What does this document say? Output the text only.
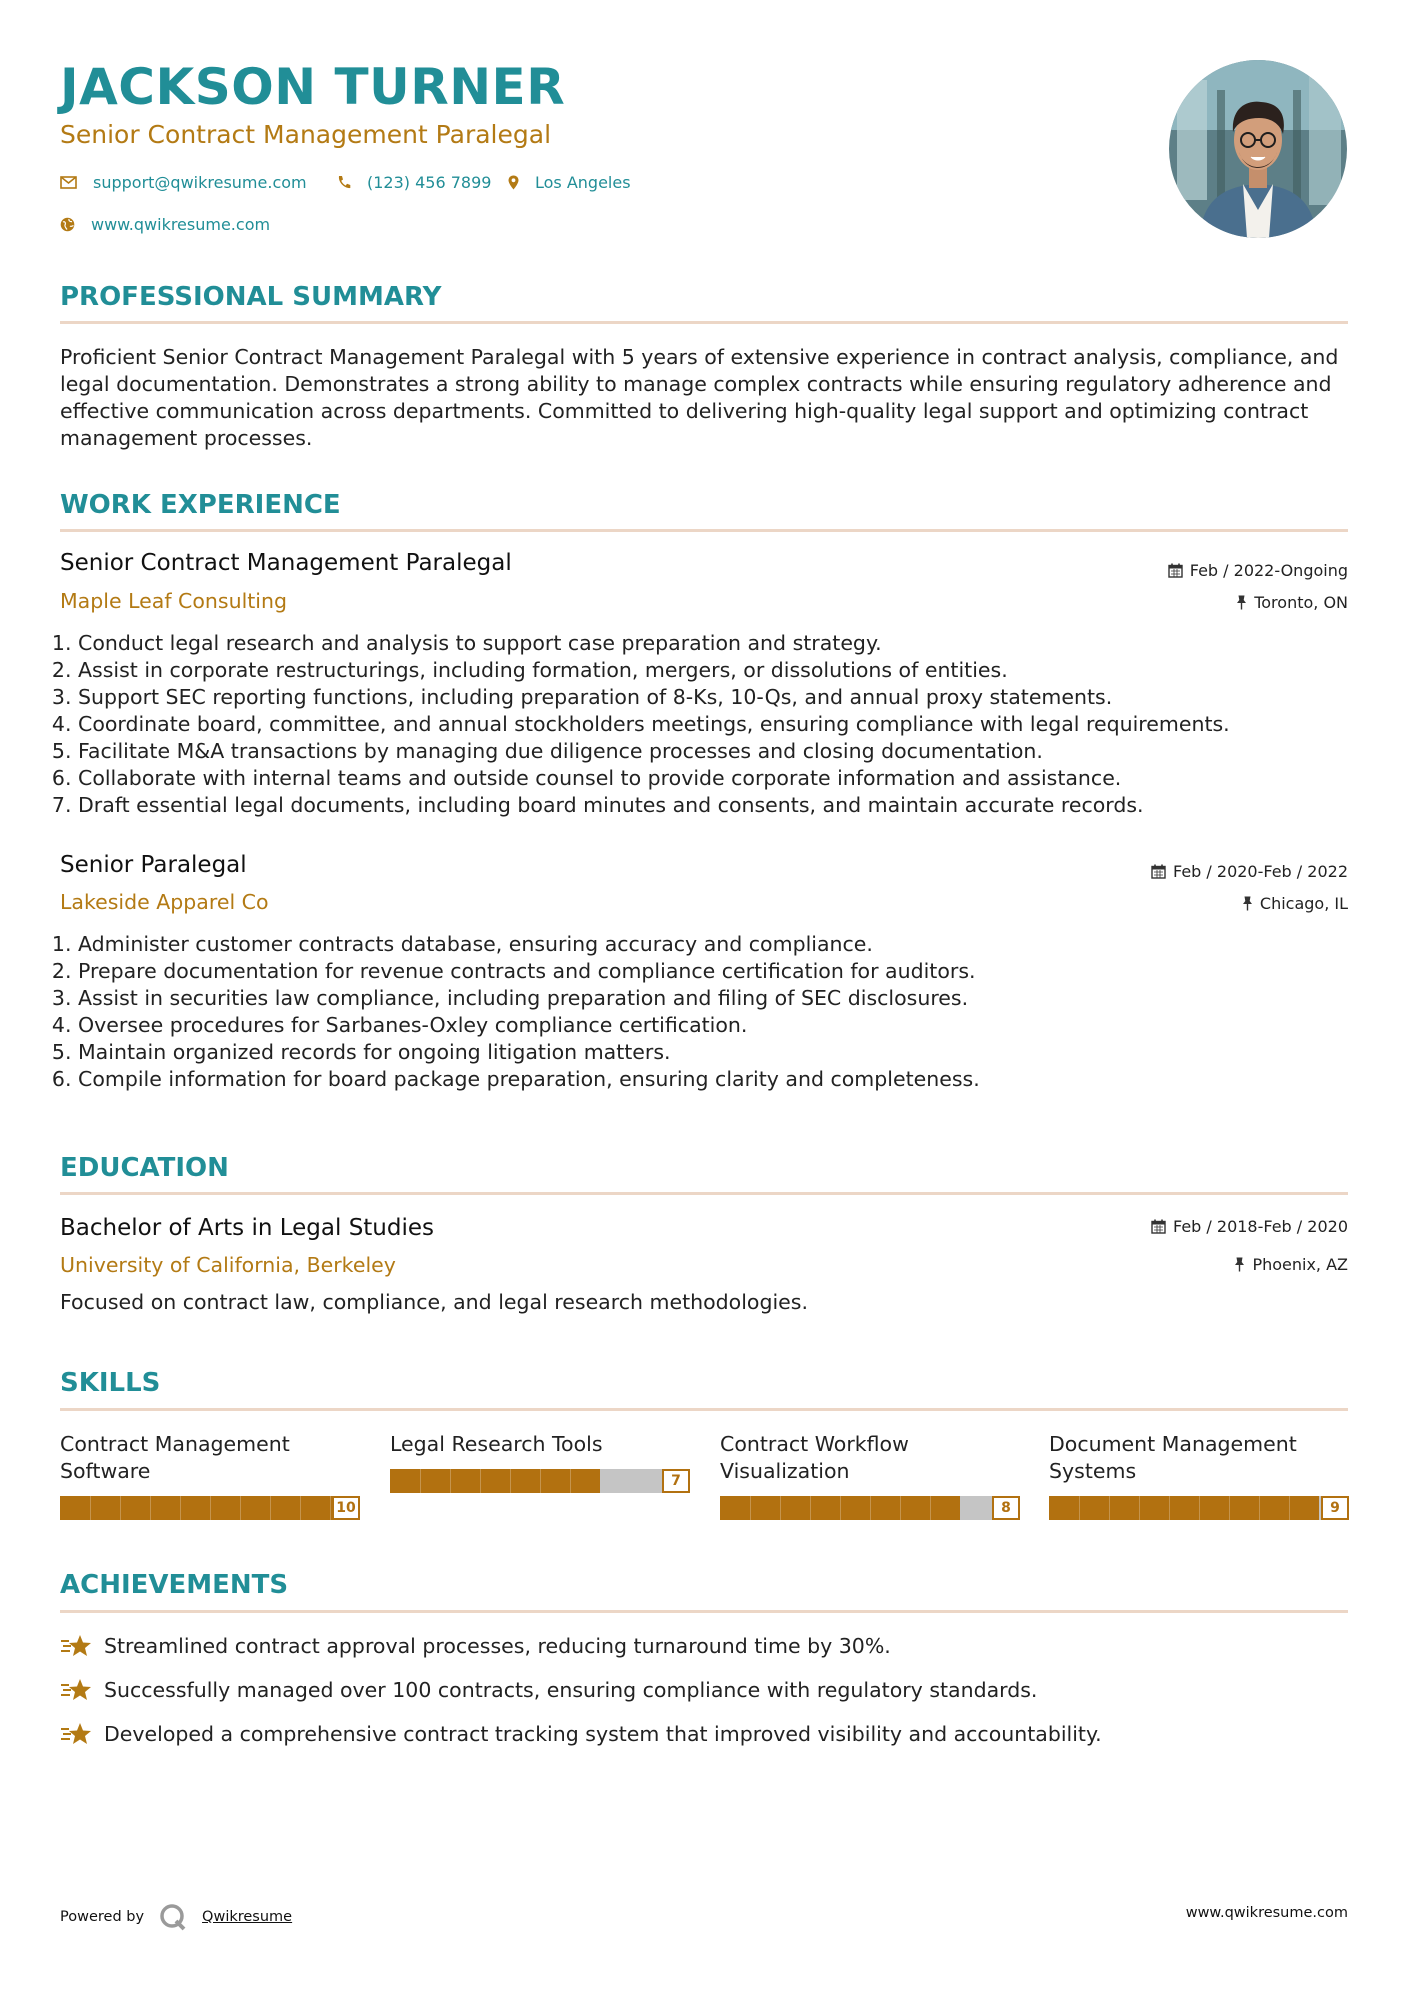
JACKSON TURNER
Senior Contract Management Paralegal
support@qwikresume.com	(123) 456 7899	Los Angeles
www.qwikresume.com
PROFESSIONAL SUMMARY
Proficient Senior Contract Management Paralegal with 5 years of extensive experience in contract analysis, compliance, and legal documentation. Demonstrates a strong ability to manage complex contracts while ensuring regulatory adherence and effective communication across departments. Committed to delivering high-quality legal support and optimizing contract management processes.
WORK EXPERIENCE
Senior Contract Management Paralegal	Feb / 2022-Ongoing
Maple Leaf Consulting	Toronto, ON
1. Conduct legal research and analysis to support case preparation and strategy.
2. Assist in corporate restructurings, including formation, mergers, or dissolutions of entities.
3. Support SEC reporting functions, including preparation of 8-Ks, 10-Qs, and annual proxy statements.
4. Coordinate board, committee, and annual stockholders meetings, ensuring compliance with legal requirements.
5. Facilitate M&A transactions by managing due diligence processes and closing documentation.
6. Collaborate with internal teams and outside counsel to provide corporate information and assistance.
7. Draft essential legal documents, including board minutes and consents, and maintain accurate records.
Senior Paralegal	Feb / 2020-Feb / 2022
Lakeside Apparel Co	Chicago, IL
1. Administer customer contracts database, ensuring accuracy and compliance.
2. Prepare documentation for revenue contracts and compliance certification for auditors.
3. Assist in securities law compliance, including preparation and filing of SEC disclosures.
4. Oversee procedures for Sarbanes-Oxley compliance certification.
5. Maintain organized records for ongoing litigation matters.
6. Compile information for board package preparation, ensuring clarity and completeness.
EDUCATION
Bachelor of Arts in Legal Studies	Feb / 2018-Feb / 2020
University of California, Berkeley	Phoenix, AZ
Focused on contract law, compliance, and legal research methodologies.
SKILLS
Contract Management Software
10
Legal Research Tools
7
Contract Workflow Visualization
8
Document Management Systems
9
ACHIEVEMENTS
Streamlined contract approval processes, reducing turnaround time by 30%.
Successfully managed over 100 contracts, ensuring compliance with regulatory standards.
Developed a comprehensive contract tracking system that improved visibility and accountability.
Powered by	Qwikresume	www.qwikresume.com
